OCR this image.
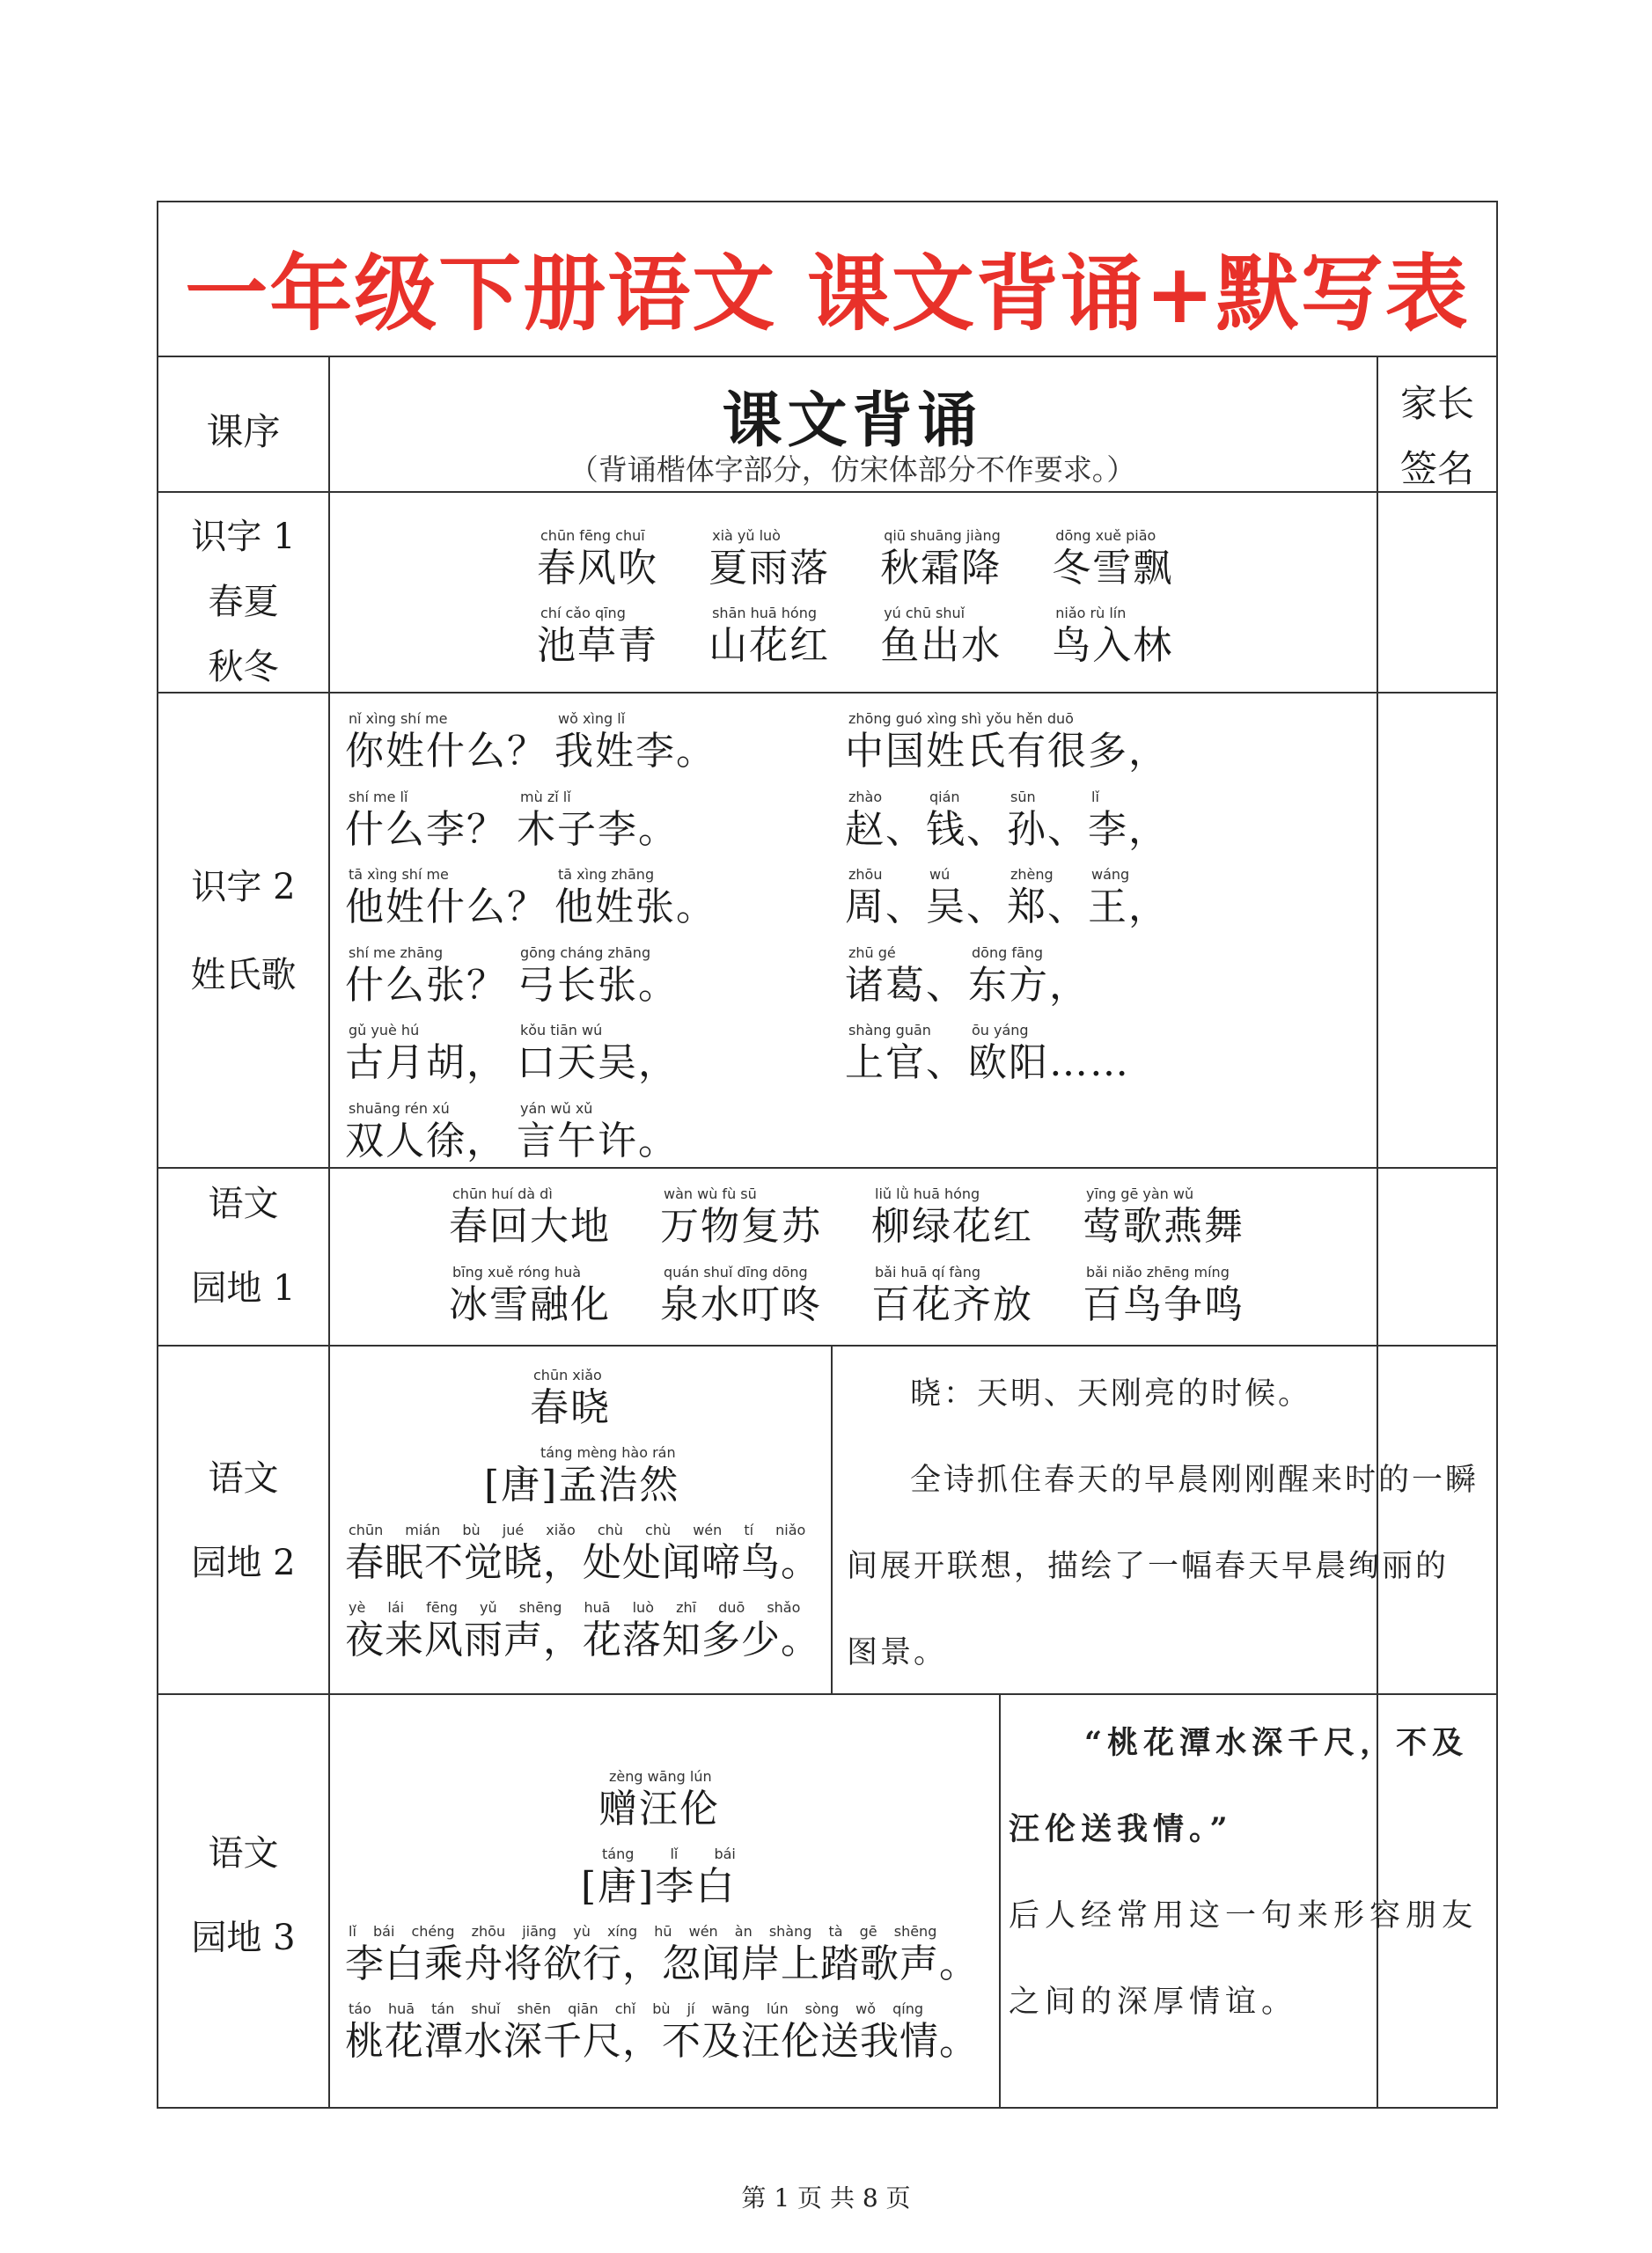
一年级下册语文 课文背诵+默写表
课序	课文背诵
（背诵楷体字部分，仿宋体部分不作要求。）
家长
签名
识字 1
春夏
秋冬
chūn fēng chuī
春风吹

xià yǔ luò
夏雨落

qiū shuāng jiàng
秋霜降

dōng xuě piāo
冬雪飘
chí cǎo qīng
池草青

shān huā hóng
山花红

yú chū shuǐ
鱼出水

niǎo rù lín
鸟入林
识字 2
姓氏歌
nǐ xìng shí me
你姓什么？
wǒ xìng lǐ
我姓李。
shí me lǐ
什么李？
mù zǐ lǐ
木子李。
tā xìng shí me
他姓什么？
tā xìng zhāng
他姓张。
shí me zhāng
什么张？
gōng cháng zhāng
弓长张。
gǔ yuè hú
古月胡，
kǒu tiān wú
口天吴，
shuāng rén xú
双人徐，
yán wǔ xǔ
言午许。
zhōng guó xìng shì yǒu hěn duō
中国姓氏有很多，
zhào
赵、
qián
钱、
sūn
孙、
lǐ
李，
zhōu
周、
wú
吴、
zhèng
郑、
wáng
王，
zhū gé
诸葛、
dōng fāng
东方，
shàng guān
上官、
ōu yáng
欧阳……
语文
园地 1
chūn huí dà dì
春回大地
wàn wù fù sū
万物复苏
liǔ lǜ huā hóng
柳绿花红
yīng gē yàn wǔ
莺歌燕舞
bīng xuě róng huà
冰雪融化
quán shuǐ dīng dōng
泉水叮咚
bǎi huā qí fàng
百花齐放
bǎi niǎo zhēng míng
百鸟争鸣
语文
园地 2
chūn xiǎo
春晓
táng mèng hào rán
[唐]孟浩然
chūn mián bù jué xiǎo chù chù wén tí niǎo
春眠不觉晓，处处闻啼鸟。
yè lái fēng yǔ shēng huā luò zhī duō shǎo
夜来风雨声，花落知多少。
晓：天明、天刚亮的时候。
全诗抓住春天的早晨刚刚醒来时的一瞬间展开联想，描绘了一幅春天早晨绚丽的图景。
语文
园地 3
zèng wāng lún
赠汪伦
táng lǐ bái
[唐]李白
lǐ bái chéng zhōu jiāng yù xíng hū wén àn shàng tà gē shēng
李白乘舟将欲行，忽闻岸上踏歌声。
táo huā tán shuǐ shēn qiān chǐ bù jí wāng lún sòng wǒ qíng
桃花潭水深千尺，不及汪伦送我情。
“桃花潭水深千尺，不及汪伦送我情。”
后人经常用这一句来形容朋友之间的深厚情谊。
第 1 页 共 8 页
